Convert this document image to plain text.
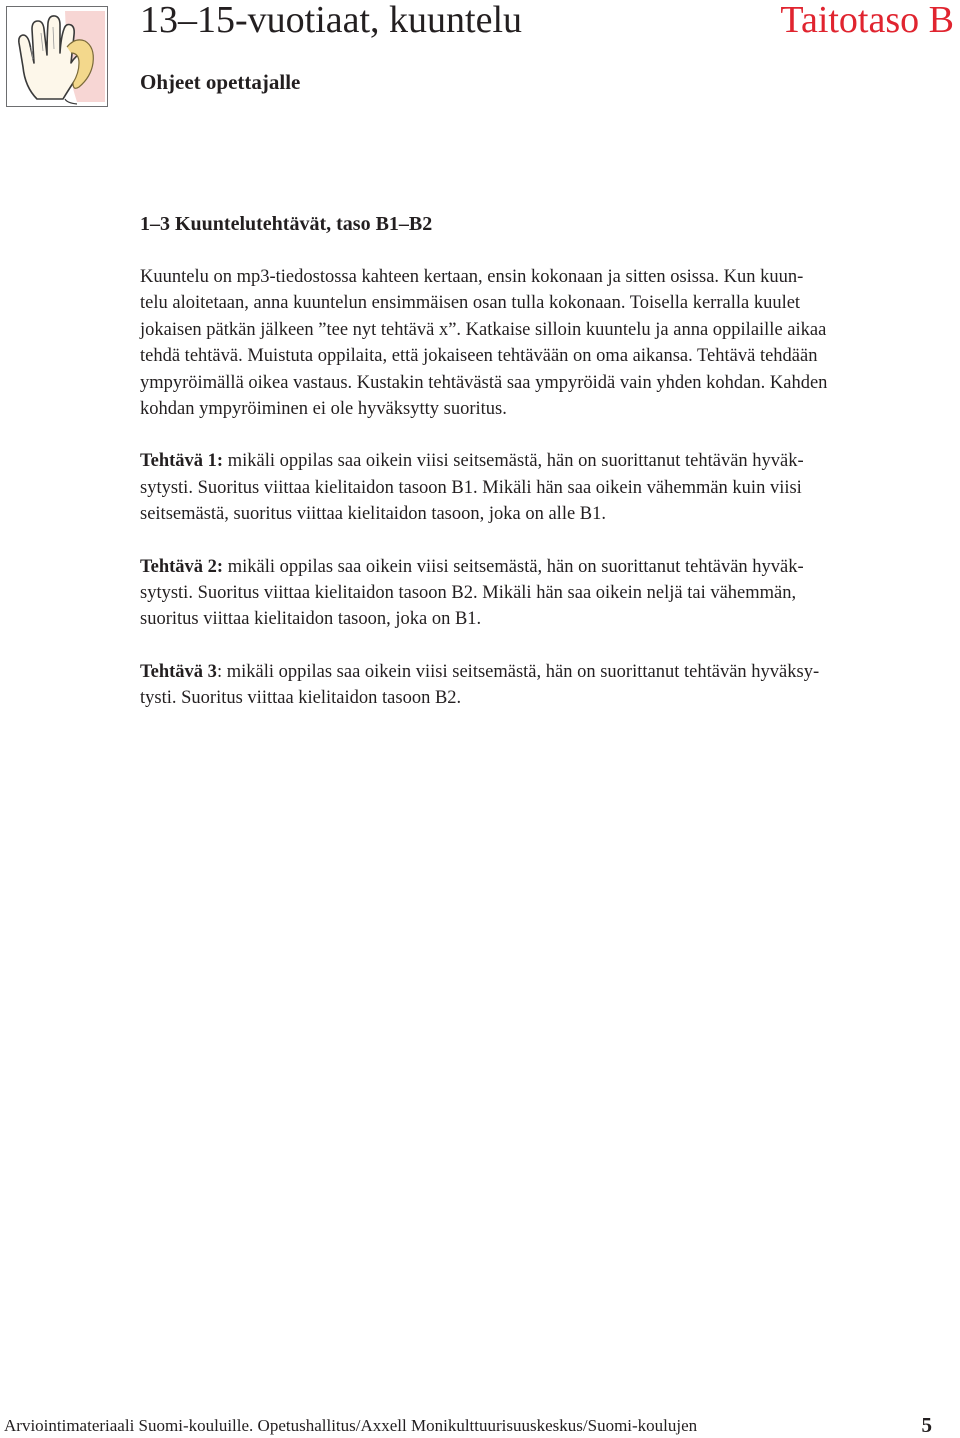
13–15-vuotiaat, kuuntelu	Taitotaso B
Ohjeet opettajalle
1–3 Kuuntelutehtävät, taso B1–B2
Kuuntelu on mp3-tiedostossa kahteen kertaan, ensin kokonaan ja sitten osissa. Kun kuun-
telu aloitetaan, anna kuuntelun ensimmäisen osan tulla kokonaan. Toisella kerralla kuulet
jokaisen pätkän jälkeen ”tee nyt tehtävä x”. Katkaise silloin kuuntelu ja anna oppilaille aikaa
tehdä tehtävä. Muistuta oppilaita, että jokaiseen tehtävään on oma aikansa. Tehtävä tehdään
ympyröimällä oikea vastaus. Kustakin tehtävästä saa ympyröidä vain yhden kohdan. Kahden
kohdan ympyröiminen ei ole hyväksytty suoritus.
Tehtävä 1: mikäli oppilas saa oikein viisi seitsemästä, hän on suorittanut tehtävän hyväk-
sytysti. Suoritus viittaa kielitaidon tasoon B1. Mikäli hän saa oikein vähemmän kuin viisi
seitsemästä, suoritus viittaa kielitaidon tasoon, joka on alle B1.
Tehtävä 2: mikäli oppilas saa oikein viisi seitsemästä, hän on suorittanut tehtävän hyväk-
sytysti. Suoritus viittaa kielitaidon tasoon B2. Mikäli hän saa oikein neljä tai vähemmän,
suoritus viittaa kielitaidon tasoon, joka on B1.
Tehtävä 3: mikäli oppilas saa oikein viisi seitsemästä, hän on suorittanut tehtävän hyväksy-
tysti. Suoritus viittaa kielitaidon tasoon B2.
Arviointimateriaali Suomi-kouluille. Opetushallitus/Axxell Monikulttuurisuuskeskus/Suomi-koulujen	5
